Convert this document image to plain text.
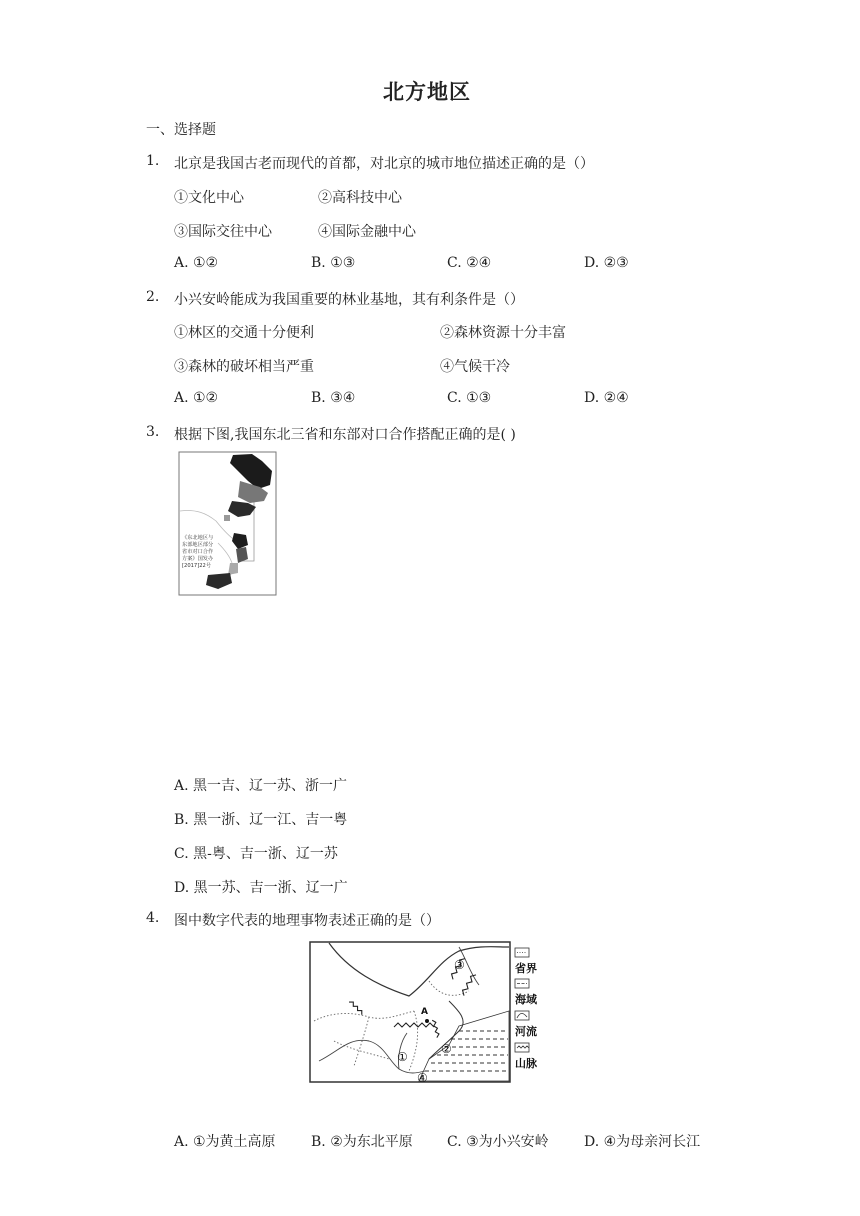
北方地区
一、选择题
1. 北京是我国古老而现代的首都，对北京的城市地位描述正确的是（）
①文化中心	②高科技中心
③国际交往中心	④国际金融中心
A. ①②	B. ①③	C. ②④	D. ②③
2. 小兴安岭能成为我国重要的林业基地，其有利条件是（）
①林区的交通十分便利	②森林资源十分丰富
③森林的破坏相当严重	④气候干冷
A. ①②	B. ③④	C. ①③	D. ②④
3. 根据下图,我国东北三省和东部对口合作搭配正确的是( )
《东北地区与
东部地区部分
省市对口合作
方案》国发办
[2017]22号
A. 黑一吉、辽一苏、浙一广
B. 黑一浙、辽一江、吉一粤
C. 黑-粤、吉一浙、辽一苏
D. 黑一苏、吉一浙、辽一广
4. 图中数字代表的地理事物表述正确的是（）
A
①
②
③
④
省界
海域
河流
山脉
A. ①为黄土高原	B. ②为东北平原 C. ③为小兴安岭	D. ④为母亲河长江
